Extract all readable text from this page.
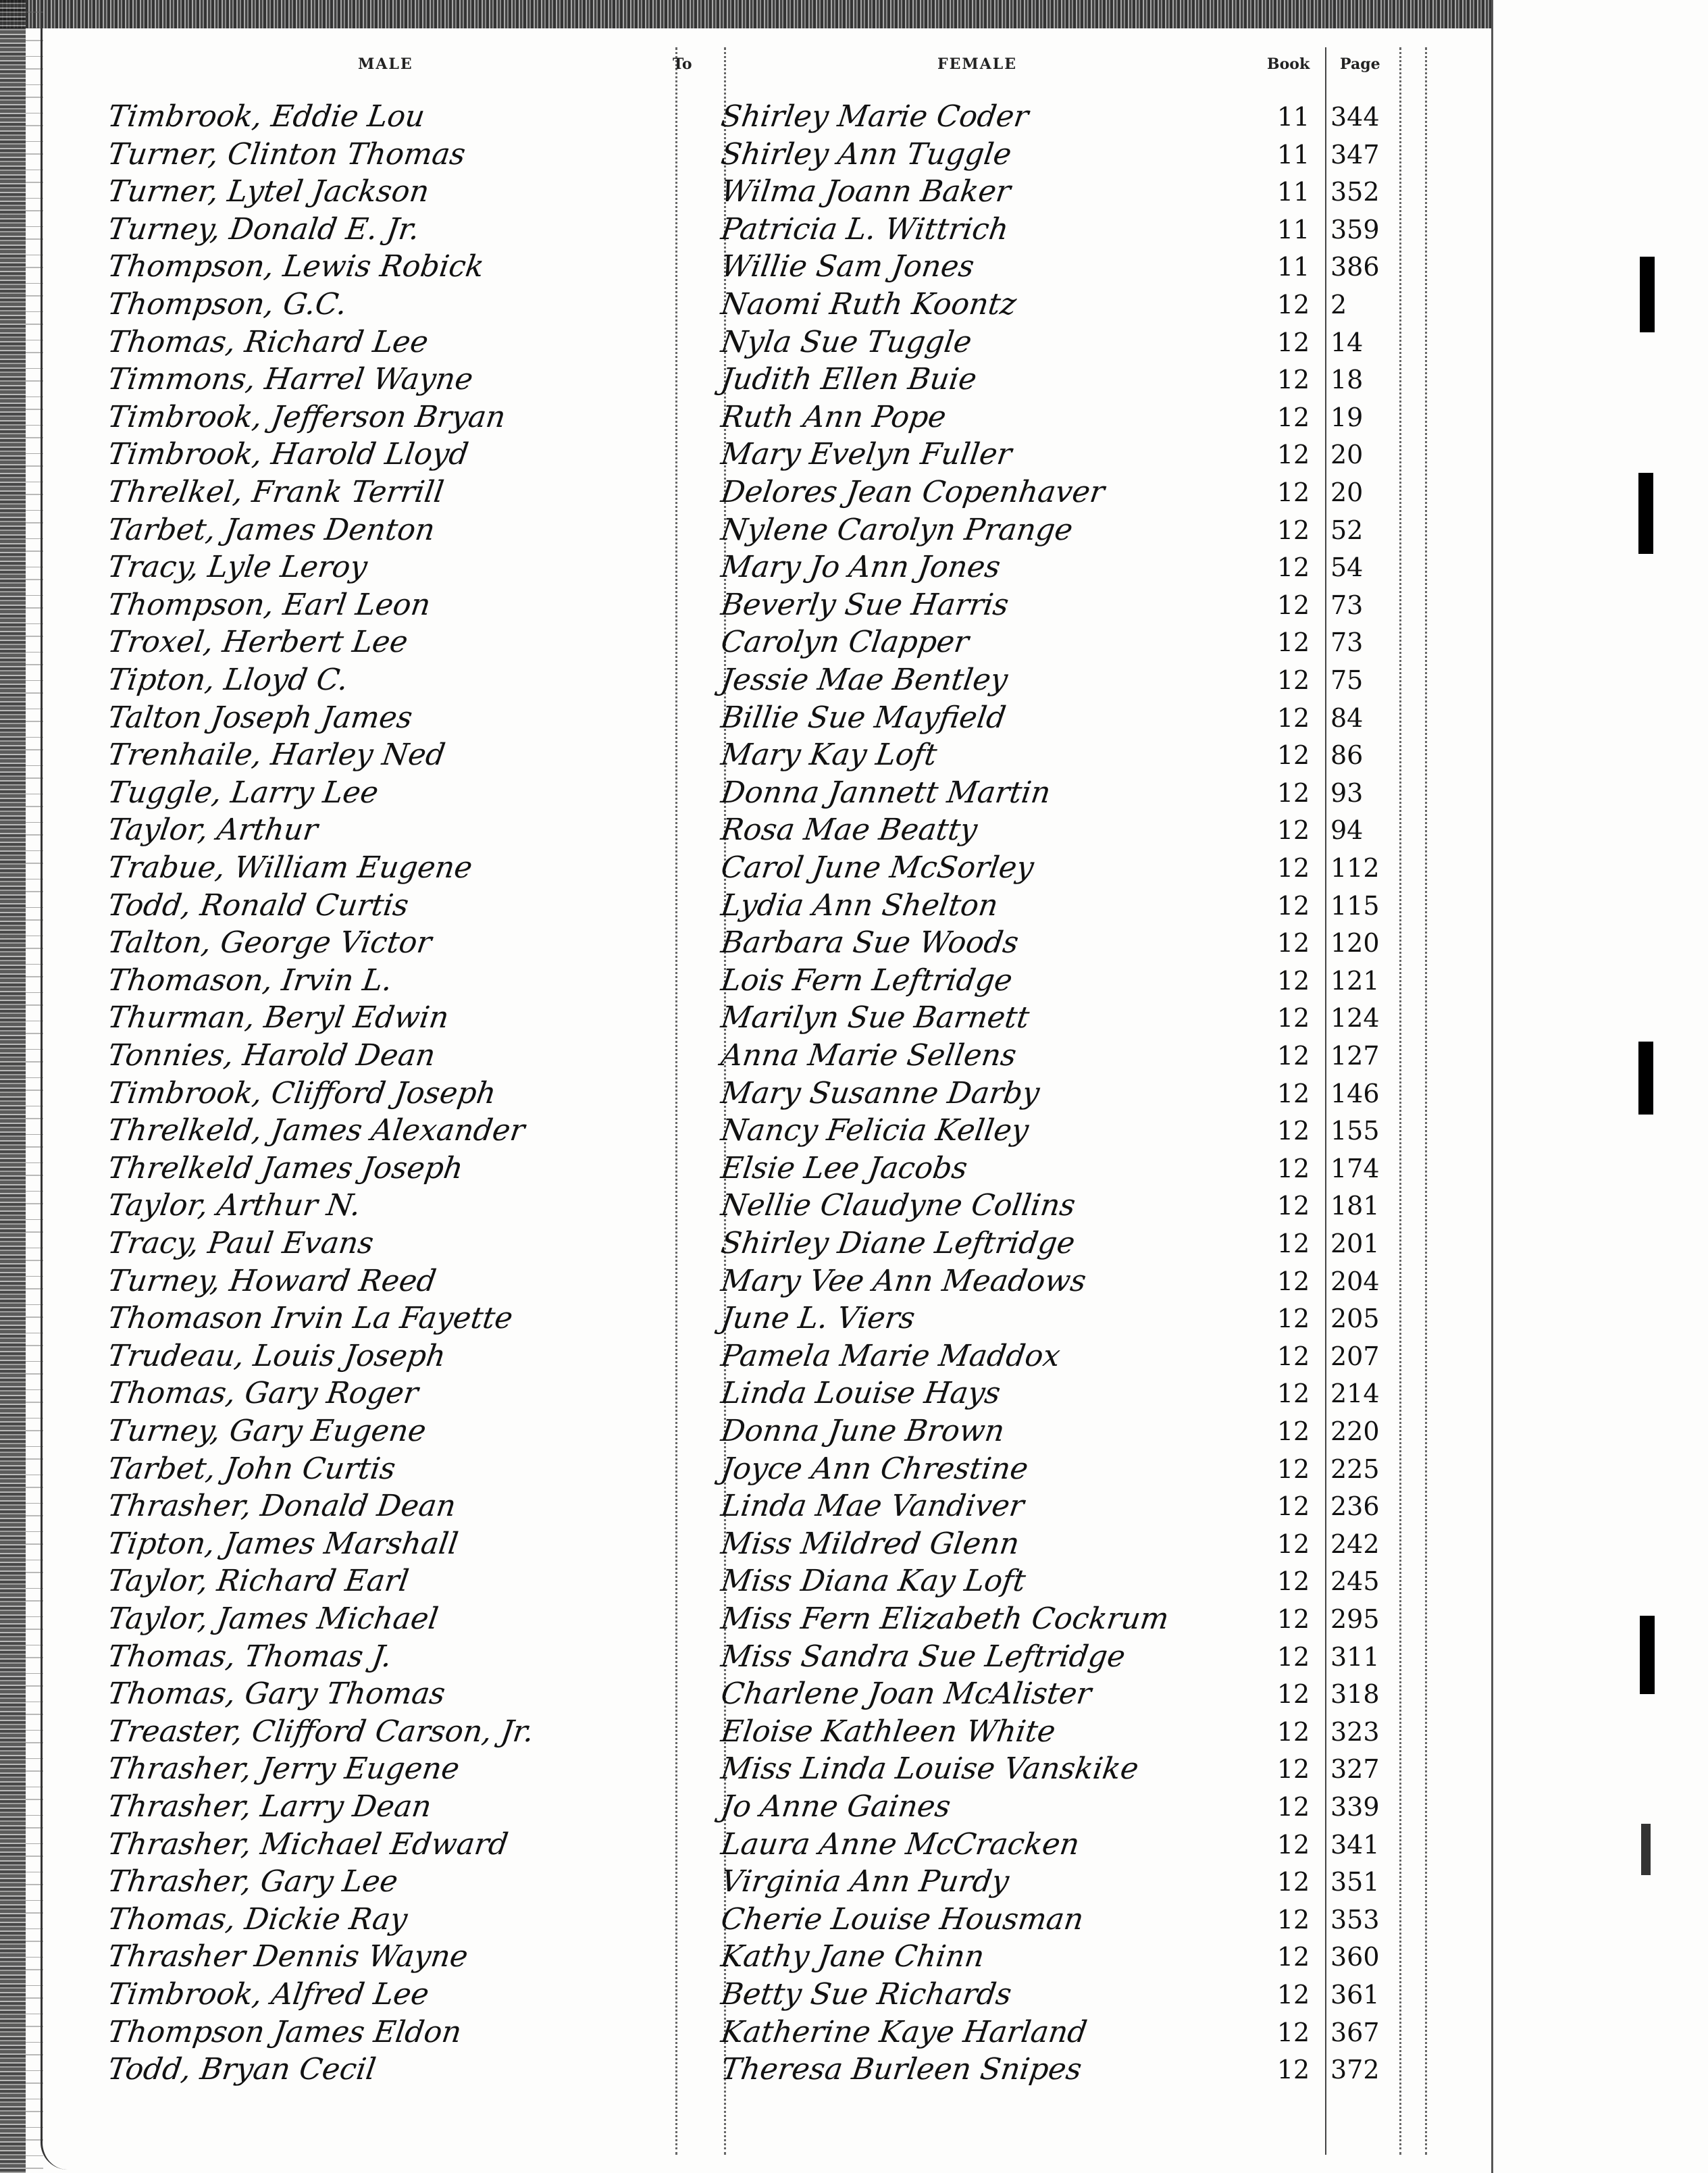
MALE	To	FEMALE	Book Page
Timbrook, Eddie Lou	Shirley Marie Coder	11 344
Turner, Clinton Thomas	Shirley Ann Tuggle	11 347
Turner, Lytel Jackson	Wilma Joann Baker	11 352
Turney, Donald E. Jr.	Patricia L. Wittrich	11 359
Thompson, Lewis Robick	Willie Sam Jones	11 386
Thompson, G.C.	Naomi Ruth Koontz	12 2
Thomas, Richard Lee	Nyla Sue Tuggle	12 14
Timmons, Harrel Wayne	Judith Ellen Buie	12 18
Timbrook, Jefferson Bryan	Ruth Ann Pope	12 19
Timbrook, Harold Lloyd	Mary Evelyn Fuller	12 20
Threlkel, Frank Terrill	Delores Jean Copenhaver	12 20
Tarbet, James Denton	Nylene Carolyn Prange	12 52
Tracy, Lyle Leroy	Mary Jo Ann Jones	12 54
Thompson, Earl Leon	Beverly Sue Harris	12 73
Troxel, Herbert Lee	Carolyn Clapper	12 73
Tipton, Lloyd C.	Jessie Mae Bentley	12 75
Talton Joseph James	Billie Sue Mayfield	12 84
Trenhaile, Harley Ned	Mary Kay Loft	12 86
Tuggle, Larry Lee	Donna Jannett Martin	12 93
Taylor, Arthur	Rosa Mae Beatty	12 94
Trabue, William Eugene	Carol June McSorley	12 112
Todd, Ronald Curtis	Lydia Ann Shelton	12 115
Talton, George Victor	Barbara Sue Woods	12 120
Thomason, Irvin L.	Lois Fern Leftridge	12 121
Thurman, Beryl Edwin	Marilyn Sue Barnett	12 124
Tonnies, Harold Dean	Anna Marie Sellens	12 127
Timbrook, Clifford Joseph	Mary Susanne Darby	12 146
Threlkeld, James Alexander	Nancy Felicia Kelley	12 155
Threlkeld James Joseph	Elsie Lee Jacobs	12 174
Taylor, Arthur N.	Nellie Claudyne Collins	12 181
Tracy, Paul Evans	Shirley Diane Leftridge	12 201
Turney, Howard Reed	Mary Vee Ann Meadows	12 204
Thomason Irvin La Fayette	June L. Viers	12 205
Trudeau, Louis Joseph	Pamela Marie Maddox	12 207
Thomas, Gary Roger	Linda Louise Hays	12 214
Turney, Gary Eugene	Donna June Brown	12 220
Tarbet, John Curtis	Joyce Ann Chrestine	12 225
Thrasher, Donald Dean	Linda Mae Vandiver	12 236
Tipton, James Marshall	Miss Mildred Glenn	12 242
Taylor, Richard Earl	Miss Diana Kay Loft	12 245
Taylor, James Michael	Miss Fern Elizabeth Cockrum	12 295
Thomas, Thomas J.	Miss Sandra Sue Leftridge	12 311
Thomas, Gary Thomas	Charlene Joan McAlister	12 318
Treaster, Clifford Carson, Jr.	Eloise Kathleen White	12 323
Thrasher, Jerry Eugene	Miss Linda Louise Vanskike	12 327
Thrasher, Larry Dean	Jo Anne Gaines	12 339
Thrasher, Michael Edward	Laura Anne McCracken	12 341
Thrasher, Gary Lee	Virginia Ann Purdy	12 351
Thomas, Dickie Ray	Cherie Louise Housman	12 353
Thrasher Dennis Wayne	Kathy Jane Chinn	12 360
Timbrook, Alfred Lee	Betty Sue Richards	12 361
Thompson James Eldon	Katherine Kaye Harland	12 367
Todd, Bryan Cecil	Theresa Burleen Snipes	12 372
